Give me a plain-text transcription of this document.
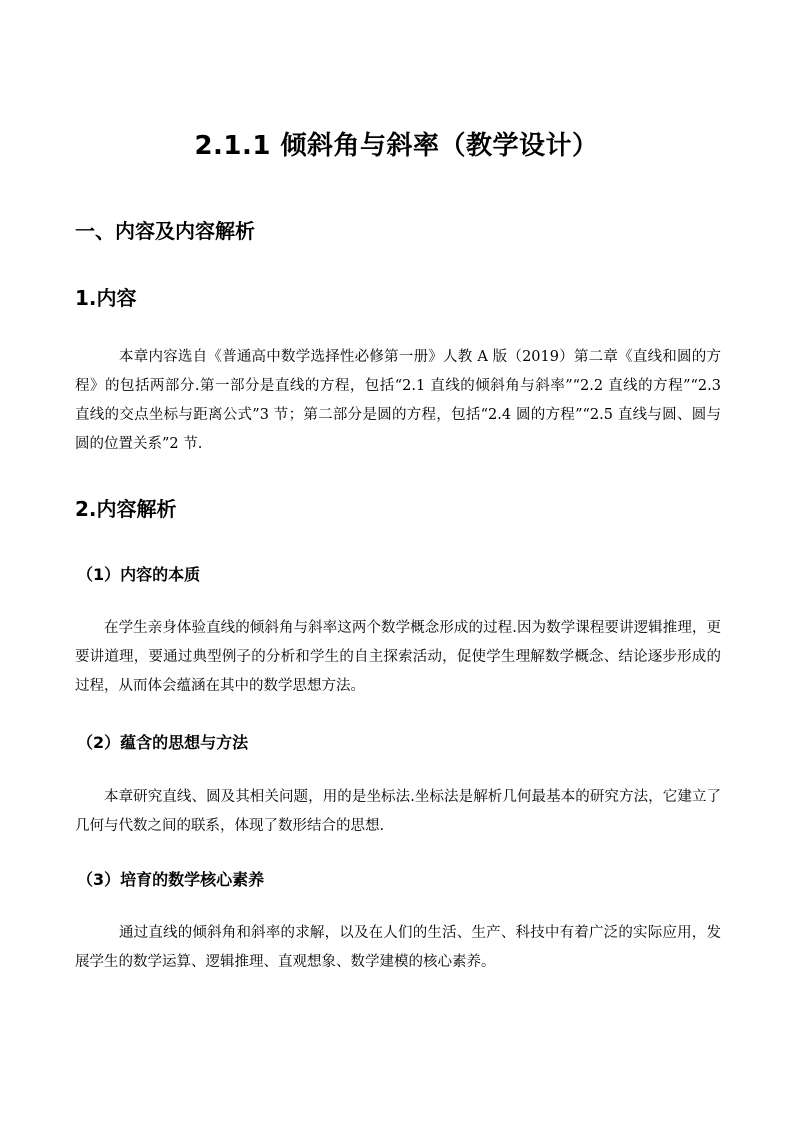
2.1.1 倾斜角与斜率（教学设计）
一、内容及内容解析
1.内容

本章内容选自《普通高中数学选择性必修第一册》人教 A 版（2019）第二章《直线和圆的方程》的包括两部分.第一部分是直线的方程，包括“2.1 直线的倾斜角与斜率”“2.2 直线的方程”“2.3 直线的交点坐标与距离公式”3 节；第二部分是圆的方程，包括“2.4 圆的方程”“2.5 直线与圆、圆与圆的位置关系”2 节.

2.内容解析
（1）内容的本质

在学生亲身体验直线的倾斜角与斜率这两个数学概念形成的过程.因为数学课程要讲逻辑推理，更要讲道理，要通过典型例子的分析和学生的自主探索活动，促使学生理解数学概念、结论逐步形成的过程，从而体会蕴涵在其中的数学思想方法。

（2）蕴含的思想与方法

本章研究直线、圆及其相关问题，用的是坐标法.坐标法是解析几何最基本的研究方法，它建立了几何与代数之间的联系，体现了数形结合的思想.

（3）培育的数学核心素养

通过直线的倾斜角和斜率的求解，以及在人们的生活、生产、科技中有着广泛的实际应用，发展学生的数学运算、逻辑推理、直观想象、数学建模的核心素养。
